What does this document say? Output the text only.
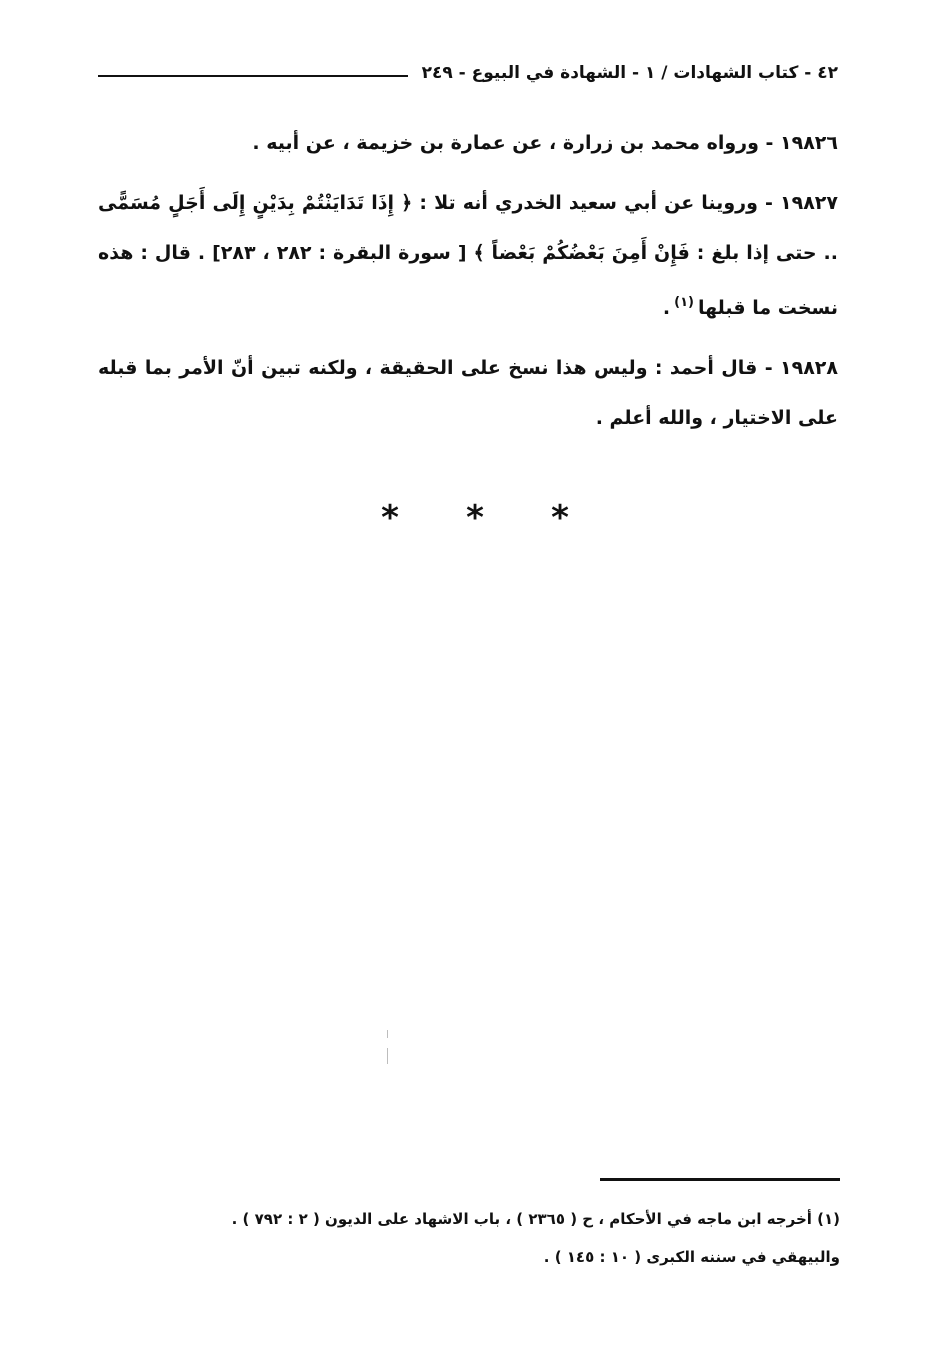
٤٢ - كتاب الشهادات / ١ - الشهادة في البيوع - ٢٤٩

١٩٨٢٦ - ورواه محمد بن زرارة ، عن عمارة بن خزيمة ، عن أبيه .

١٩٨٢٧ - وروينا عن أبي سعيد الخدري أنه تلا : ﴿ إِذَا تَدَايَنْتُمْ بِدَيْنٍ إِلَى أَجَلٍ مُسَمًّى .. حتى إذا بلغ : فَإِنْ أَمِنَ بَعْضُكُمْ بَعْضاً ﴾ [ سورة البقرة : ٢٨٢ ، ٢٨٣] . قال : هذه نسخت ما قبلها$^{(١)}$.

١٩٨٢٨ - قال أحمد : وليس هذا نسخ على الحقيقة ، ولكنه تبين أنّ الأمر بما قبله على الاختيار ، والله أعلم .

*
*
*
(١) أخرجه ابن ماجه في الأحكام ، ح ( ٢٣٦٥ ) ، باب الاشهاد على الديون ( ٢ : ٧٩٢ ) .
والبيهقي في سننه الكبرى ( ١٠ : ١٤٥ ) .
